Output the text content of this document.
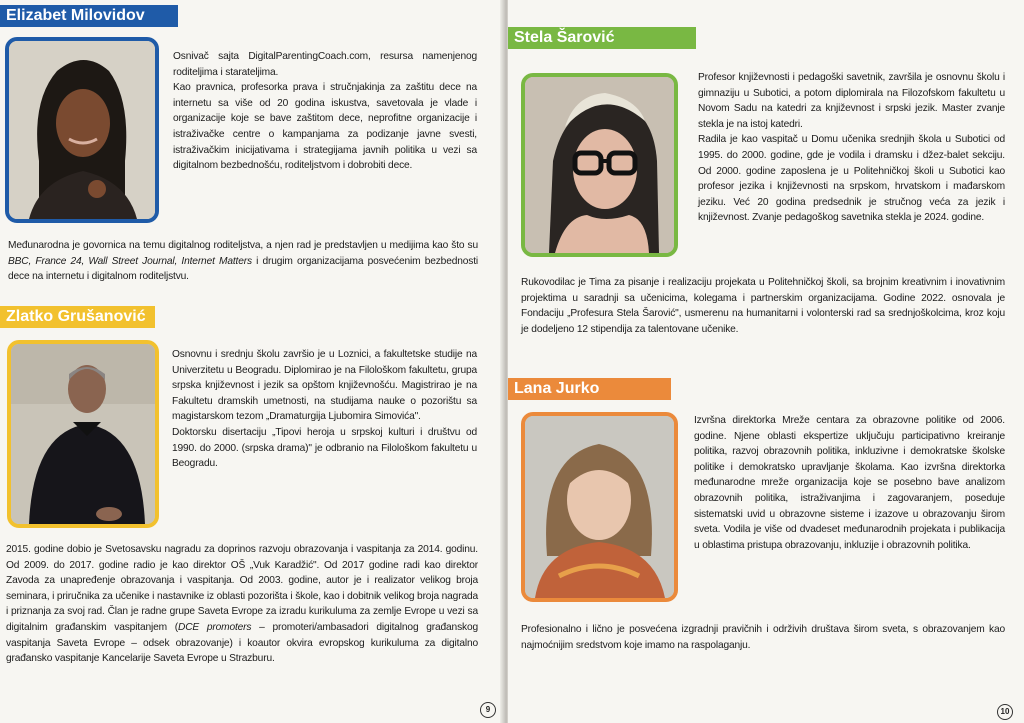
Elizabet Milovidov

Osnivač sajta DigitalParentingCoach.com, resursa namenjenog roditeljima i starateljima.

Kao pravnica, profesorka prava i stručnjakinja za zaštitu dece na internetu sa više od 20 godina iskustva, savetovala je vlade i organizacije koje se bave zaštitom dece, neprofitne organizacije i istraživačke centre o kampanjama za podizanje javne svesti, istraživačkim inicijativama i strategijama javnih politika u vezi sa digitalnom bezbednošću, roditeljstvom i dobrobiti dece.

Međunarodna je govornica na temu digitalnog roditeljstva, a njen rad je predstavljen u medijima kao što su BBC, France 24, Wall Street Journal, Internet Matters i drugim organizacijama posvećenim bezbednosti dece na internetu i digitalnom roditeljstvu.

Zlatko Grušanović

Osnovnu i srednju školu završio je u Loznici, a fakultetske studije na Univerzitetu u Beogradu. Diplomirao je na Filološkom fakultetu, grupa srpska književnost i jezik sa opštom književnošću. Magistrirao je na Fakultetu dramskih umetnosti, na studijama nauke o pozorištu sa magistarskom tezom „Dramaturgija Ljubomira Simovića".

Doktorsku disertaciju „Tipovi heroja u srpskoj kulturi i društvu od 1990. do 2000. (srpska drama)" je odbranio na Filološkom fakultetu u Beogradu.

2015. godine dobio je Svetosavsku nagradu za doprinos razvoju obrazovanja i vaspitanja za 2014. godinu. Od 2009. do 2017. godine radio je kao direktor OŠ „Vuk Karadžić". Od 2017 godine radi kao direktor Zavoda za unapređenje obrazovanja i vaspitanja. Od 2003. godine, autor je i realizator velikog broja seminara, i priručnika za učenike i nastavnike iz oblasti pozorišta i škole, kao i dobitnik velikog broja nagrada i priznanja za svoj rad. Član je radne grupe Saveta Evrope za izradu kurikuluma za zemlje Evrope u vezi sa digitalnim građanskim vaspitanjem (DCE promoters – promoteri/ambasadori digitalnog građanskog vaspitanja Saveta Evrope – odsek obrazovanje) i koautor okvira evropskog kurikuluma za digitalno građansko vaspitanje Kancelarije Saveta Evrope u Strazburu.

9
Stela Šarović

Profesor književnosti i pedagoški savetnik, završila je osnovnu školu i gimnaziju u Subotici, a potom diplomirala na Filozofskom fakultetu u Novom Sadu na katedri za književnost i srpski jezik. Master zvanje stekla je na istoj katedri.

Radila je kao vaspitač u Domu učenika srednjih škola u Subotici od 1995. do 2000. godine, gde je vodila i dramsku i džez-balet sekciju. Od 2000. godine zaposlena je u Politehničkoj školi u Subotici kao profesor jezika i književnosti na srpskom, hrvatskom i mađarskom jeziku. Već 20 godina predsednik je stručnog veća za jezik i književnost. Zvanje pedagoškog savetnika stekla je 2024. godine.

Rukovodilac je Tima za pisanje i realizaciju projekata u Politehničkoj školi, sa brojnim kreativnim i inovativnim projektima u saradnji sa učenicima, kolegama i partnerskim organizacijama. Godine 2022. osnovala je Fondaciju „Profesura Stela Šarović", usmerenu na humanitarni i volonterski rad sa srednjoškolcima, kroz koju je dodeljeno 12 stipendija za talentovane učenike.

Lana Jurko

Izvršna direktorka Mreže centara za obrazovne politike od 2006. godine. Njene oblasti ekspertize uključuju participativno kreiranje politika, razvoj obrazovnih politika, inkluzivne i demokratske školske politike i demokratsko upravljanje školama. Kao izvršna direktorka međunarodne mreže organizacija koje se posebno bave analizom obrazovnih politika, istraživanjima i zagovaranjem, poseduje sistematski uvid u obrazovne sisteme i izazove u obrazovanju širom sveta. Vodila je više od dvadeset međunarodnih projekata i publikacija u oblastima pristupa obrazovanju, inkluzije i obrazovnih politika.

Profesionalno i lično je posvećena izgradnji pravičnih i održivih društava širom sveta, s obrazovanjem kao najmoćnijim sredstvom koje imamo na raspolaganju.

10
